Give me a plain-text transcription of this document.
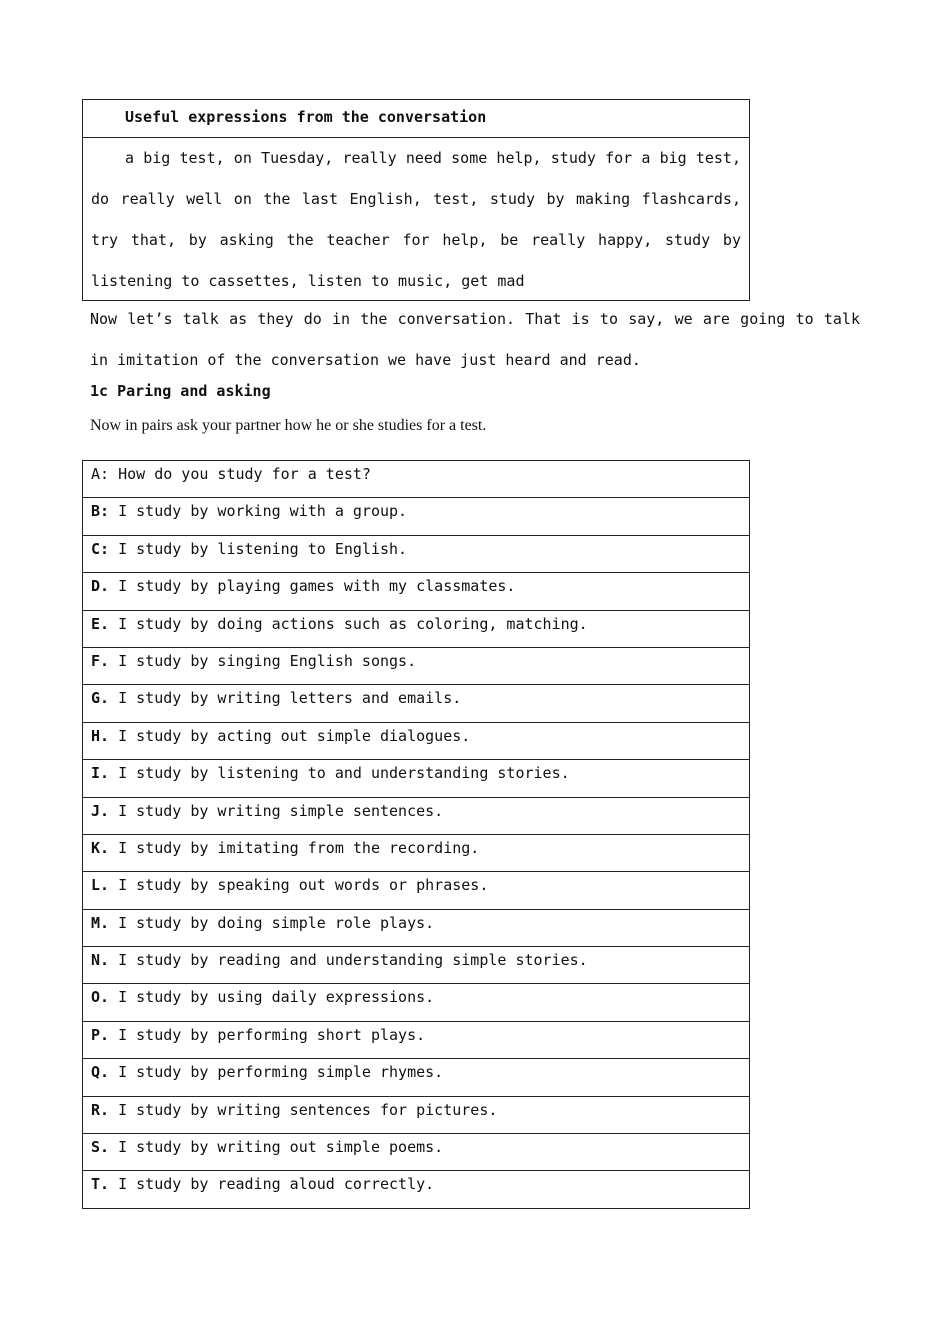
Useful expressions from the conversation
a big test, on Tuesday, really need some help, study for a big test, do really well on the last English, test, study by making flashcards, try that, by asking the teacher for help, be really happy, study by listening to cassettes, listen to music, get mad
Now let’s talk as they do in the conversation. That is to say, we are going to talk in imitation of the conversation we have just heard and read.
1c Paring and asking
Now in pairs ask your partner how he or she studies for a test.
A: How do you study for a test?
B: I study by working with a group.
C: I study by listening to English.
D. I study by playing games with my classmates.
E. I study by doing actions such as coloring, matching.
F. I study by singing English songs.
G. I study by writing letters and emails.
H. I study by acting out simple dialogues.
I. I study by listening to and understanding stories.
J. I study by writing simple sentences.
K. I study by imitating from the recording.
L. I study by speaking out words or phrases.
M. I study by doing simple role plays.
N. I study by reading and understanding simple stories.
O. I study by using daily expressions.
P. I study by performing short plays.
Q. I study by performing simple rhymes.
R. I study by writing sentences for pictures.
S. I study by writing out simple poems.
T. I study by reading aloud correctly.
